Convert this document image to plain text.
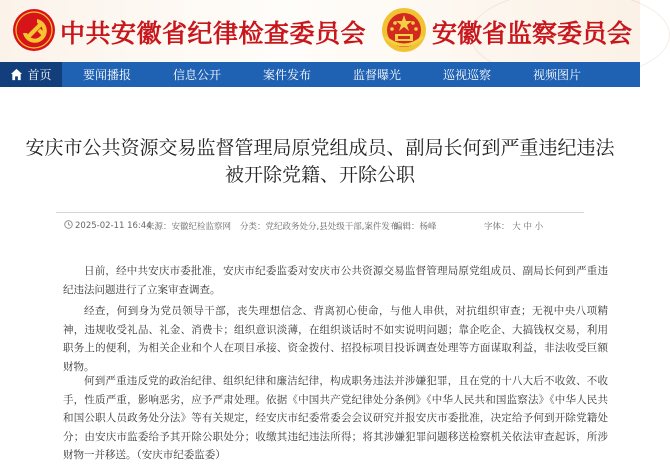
中共安徽省纪律检查委员会	安徽省监察委员会
首页	要闻播报	信息公开	案件发布	监督曝光	巡视巡察	视频图片
安庆市公共资源交易监督管理局原党组成员、副局长何到严重违纪违法被开除党籍、开除公职
2025-02-11 16:44
来源：安徽纪检监察网 分类：党纪政务处分,县处级干部,案件发布
编辑：杨峰	字体： 大 中 小

日前，经中共安庆市委批准，安庆市纪委监委对安庆市公共资源交易监督管理局原党组成员、副局长何到严重违纪违法问题进行了立案审查调查。

经查，何到身为党员领导干部，丧失理想信念、背离初心使命，与他人串供，对抗组织审查；无视中央八项精神，违规收受礼品、礼金、消费卡；组织意识淡薄，在组织谈话时不如实说明问题；靠企吃企、大搞钱权交易，利用职务上的便利，为相关企业和个人在项目承接、资金拨付、招投标项目投诉调查处理等方面谋取利益，非法收受巨额财物。

何到严重违反党的政治纪律、组织纪律和廉洁纪律，构成职务违法并涉嫌犯罪，且在党的十八大后不收敛、不收手，性质严重，影响恶劣，应予严肃处理。依据《中国共产党纪律处分条例》《中华人民共和国监察法》《中华人民共和国公职人员政务处分法》等有关规定，经安庆市纪委常委会会议研究并报安庆市委批准，决定给予何到开除党籍处分；由安庆市监委给予其开除公职处分；收缴其违纪违法所得；将其涉嫌犯罪问题移送检察机关依法审查起诉，所涉财物一并移送。（安庆市纪委监委）
